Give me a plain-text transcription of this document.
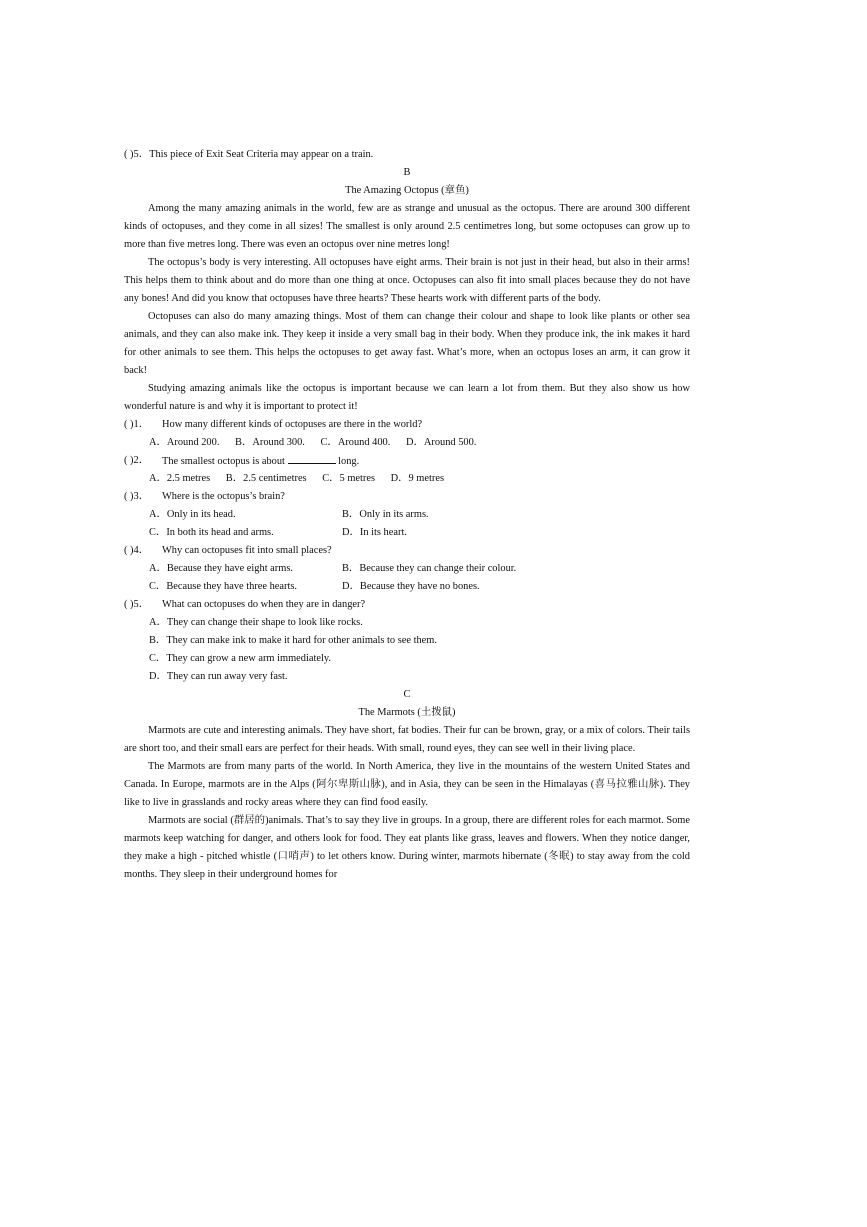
( )5．This piece of Exit Seat Criteria may appear on a train.
B
The Amazing Octopus (章鱼)

Among the many amazing animals in the world, few are as strange and unusual as the octopus. There are around 300 different kinds of octopuses, and they come in all sizes! The smallest is only around 2.5 centimetres long, but some octopuses can grow up to more than five metres long. There was even an octopus over nine metres long!

The octopus’s body is very interesting. All octopuses have eight arms. Their brain is not just in their head, but also in their arms! This helps them to think about and do more than one thing at once. Octopuses can also fit into small places because they do not have any bones! And did you know that octopuses have three hearts? These hearts work with different parts of the body.

Octopuses can also do many amazing things. Most of them can change their colour and shape to look like plants or other sea animals, and they can also make ink. They keep it inside a very small bag in their body. When they produce ink, the ink makes it hard for other animals to see them. This helps the octopuses to get away fast. What’s more, when an octopus loses an arm, it can grow it back!

Studying amazing animals like the octopus is important because we can learn a lot from them. But they also show us how wonderful nature is and why it is important to protect it!

( )1．	How many different kinds of octopuses are there in the world?
A．Around 200. B．Around 300. C．Around 400. D．Around 500.
( )2．	The smallest octopus is about	long.
A．2.5 metres B．2.5 centimetres C．5 metres D．9 metres
( )3．	Where is the octopus’s brain?
A．Only in its head.	B．Only in its arms.
C．In both its head and arms.	D．In its heart.
( )4．	Why can octopuses fit into small places?
A．Because they have eight arms.	B．Because they can change their colour.
C．Because they have three hearts.	D．Because they have no bones.
( )5．	What can octopuses do when they are in danger?
A．They can change their shape to look like rocks.
B．They can make ink to make it hard for other animals to see them.
C．They can grow a new arm immediately.
D．They can run away very fast.
C
The Marmots (土拨鼠)

Marmots are cute and interesting animals. They have short, fat bodies. Their fur can be brown, gray, or a mix of colors. Their tails are short too, and their small ears are perfect for their heads. With small, round eyes, they can see well in their living place.

The Marmots are from many parts of the world. In North America, they live in the mountains of the western United States and Canada. In Europe, marmots are in the Alps (阿尔卑斯山脉), and in Asia, they can be seen in the Himalayas (喜马拉雅山脉). They like to live in grasslands and rocky areas where they can find food easily.

Marmots are social (群居的)animals. That’s to say they live in groups. In a group, there are different roles for each marmot. Some marmots keep watching for danger, and others look for food. They eat plants like grass, leaves and flowers. When they notice danger, they make a high - pitched whistle (口哨声) to let others know. During winter, marmots hibernate (冬眠) to stay away from the cold months. They sleep in their underground homes for
